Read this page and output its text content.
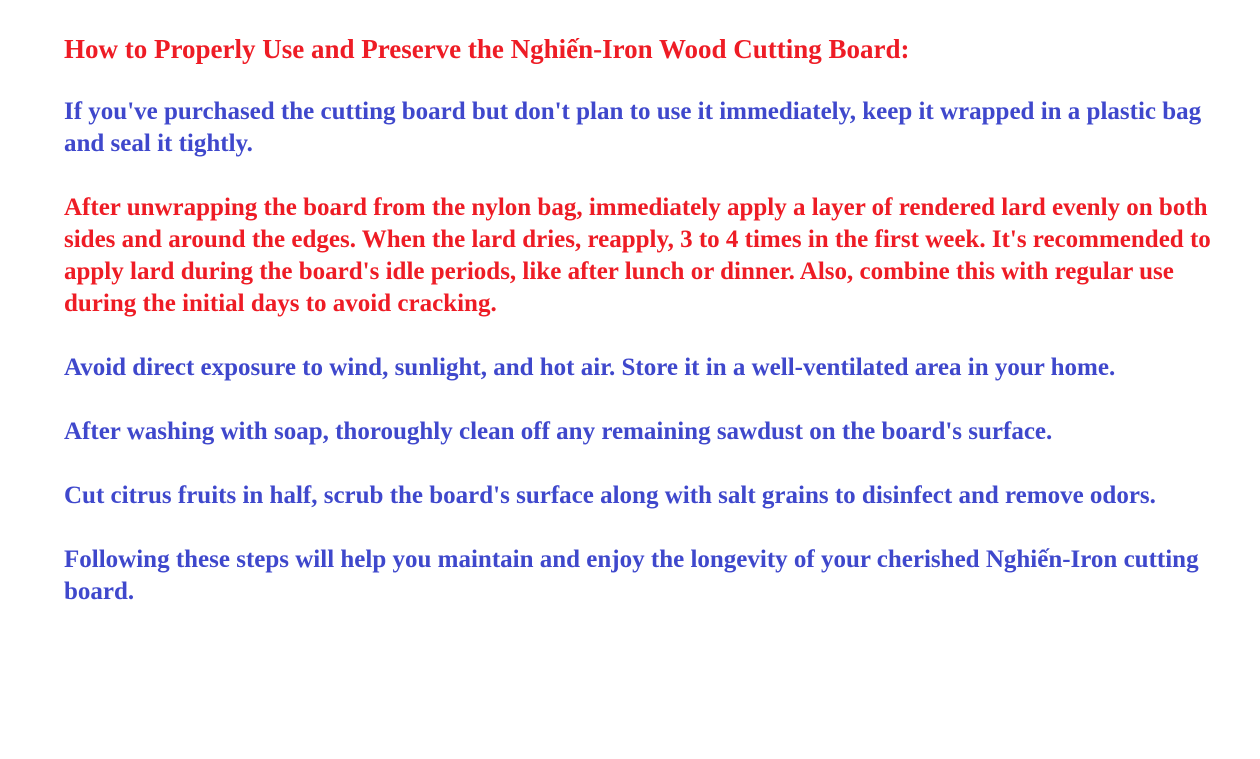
How to Properly Use and Preserve the Nghiến-Iron Wood Cutting Board:

If you've purchased the cutting board but don't plan to use it immediately, keep it wrapped in a plastic bag and seal it tightly.

After unwrapping the board from the nylon bag, immediately apply a layer of rendered lard evenly on both sides and around the edges. When the lard dries, reapply, 3 to 4 times in the first week. It's recommended to apply lard during the board's idle periods, like after lunch or dinner. Also, combine this with regular use during the initial days to avoid cracking.

Avoid direct exposure to wind, sunlight, and hot air. Store it in a well-ventilated area in your home.

After washing with soap, thoroughly clean off any remaining sawdust on the board's surface.

Cut citrus fruits in half, scrub the board's surface along with salt grains to disinfect and remove odors.

Following these steps will help you maintain and enjoy the longevity of your cherished Nghiến-Iron cutting board.
